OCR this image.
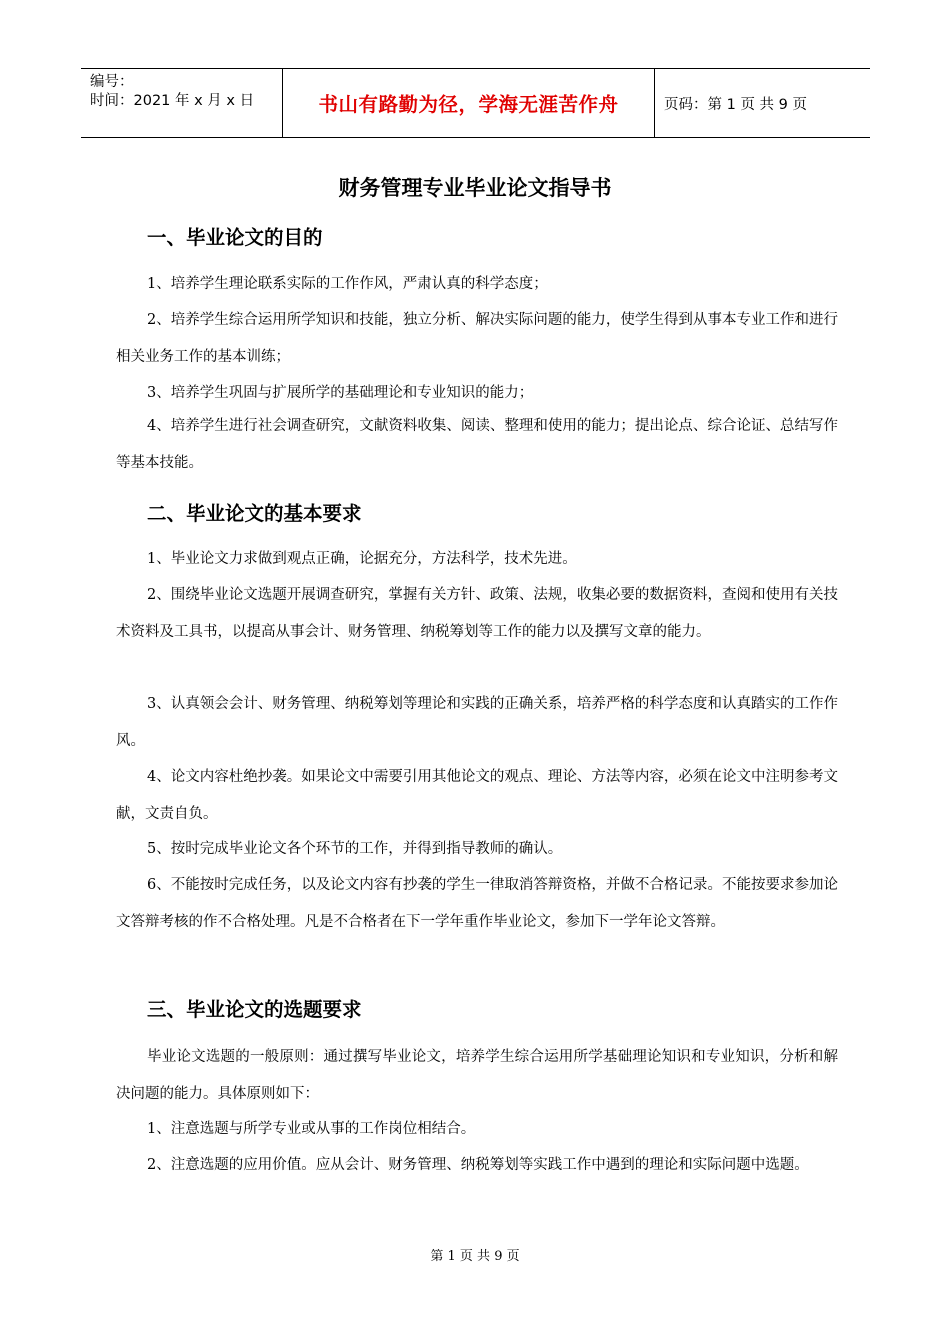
编号：
时间：2021 年 x 月 x 日	书山有路勤为径，学海无涯苦作舟	页码：第 1 页 共 9 页
财务管理专业毕业论文指导书
一、毕业论文的目的
1、培养学生理论联系实际的工作作风，严肃认真的科学态度；
2、培养学生综合运用所学知识和技能，独立分析、解决实际问题的能力，使学生得到从事本专业工作和进行相关业务工作的基本训练；
3、培养学生巩固与扩展所学的基础理论和专业知识的能力；
4、培养学生进行社会调查研究，文献资料收集、阅读、整理和使用的能力；提出论点、综合论证、总结写作等基本技能。
二、毕业论文的基本要求
1、毕业论文力求做到观点正确，论据充分，方法科学，技术先进。
2、围绕毕业论文选题开展调查研究，掌握有关方针、政策、法规，收集必要的数据资料，查阅和使用有关技术资料及工具书，以提高从事会计、财务管理、纳税筹划等工作的能力以及撰写文章的能力。
3、认真领会会计、财务管理、纳税筹划等理论和实践的正确关系，培养严格的科学态度和认真踏实的工作作风。
4、论文内容杜绝抄袭。如果论文中需要引用其他论文的观点、理论、方法等内容，必须在论文中注明参考文献，文责自负。
5、按时完成毕业论文各个环节的工作，并得到指导教师的确认。
6、不能按时完成任务，以及论文内容有抄袭的学生一律取消答辩资格，并做不合格记录。不能按要求参加论文答辩考核的作不合格处理。凡是不合格者在下一学年重作毕业论文，参加下一学年论文答辩。
三、毕业论文的选题要求
毕业论文选题的一般原则：通过撰写毕业论文，培养学生综合运用所学基础理论知识和专业知识，分析和解决问题的能力。具体原则如下：
1、注意选题与所学专业或从事的工作岗位相结合。
2、注意选题的应用价值。应从会计、财务管理、纳税筹划等实践工作中遇到的理论和实际问题中选题。
第 1 页 共 9 页
